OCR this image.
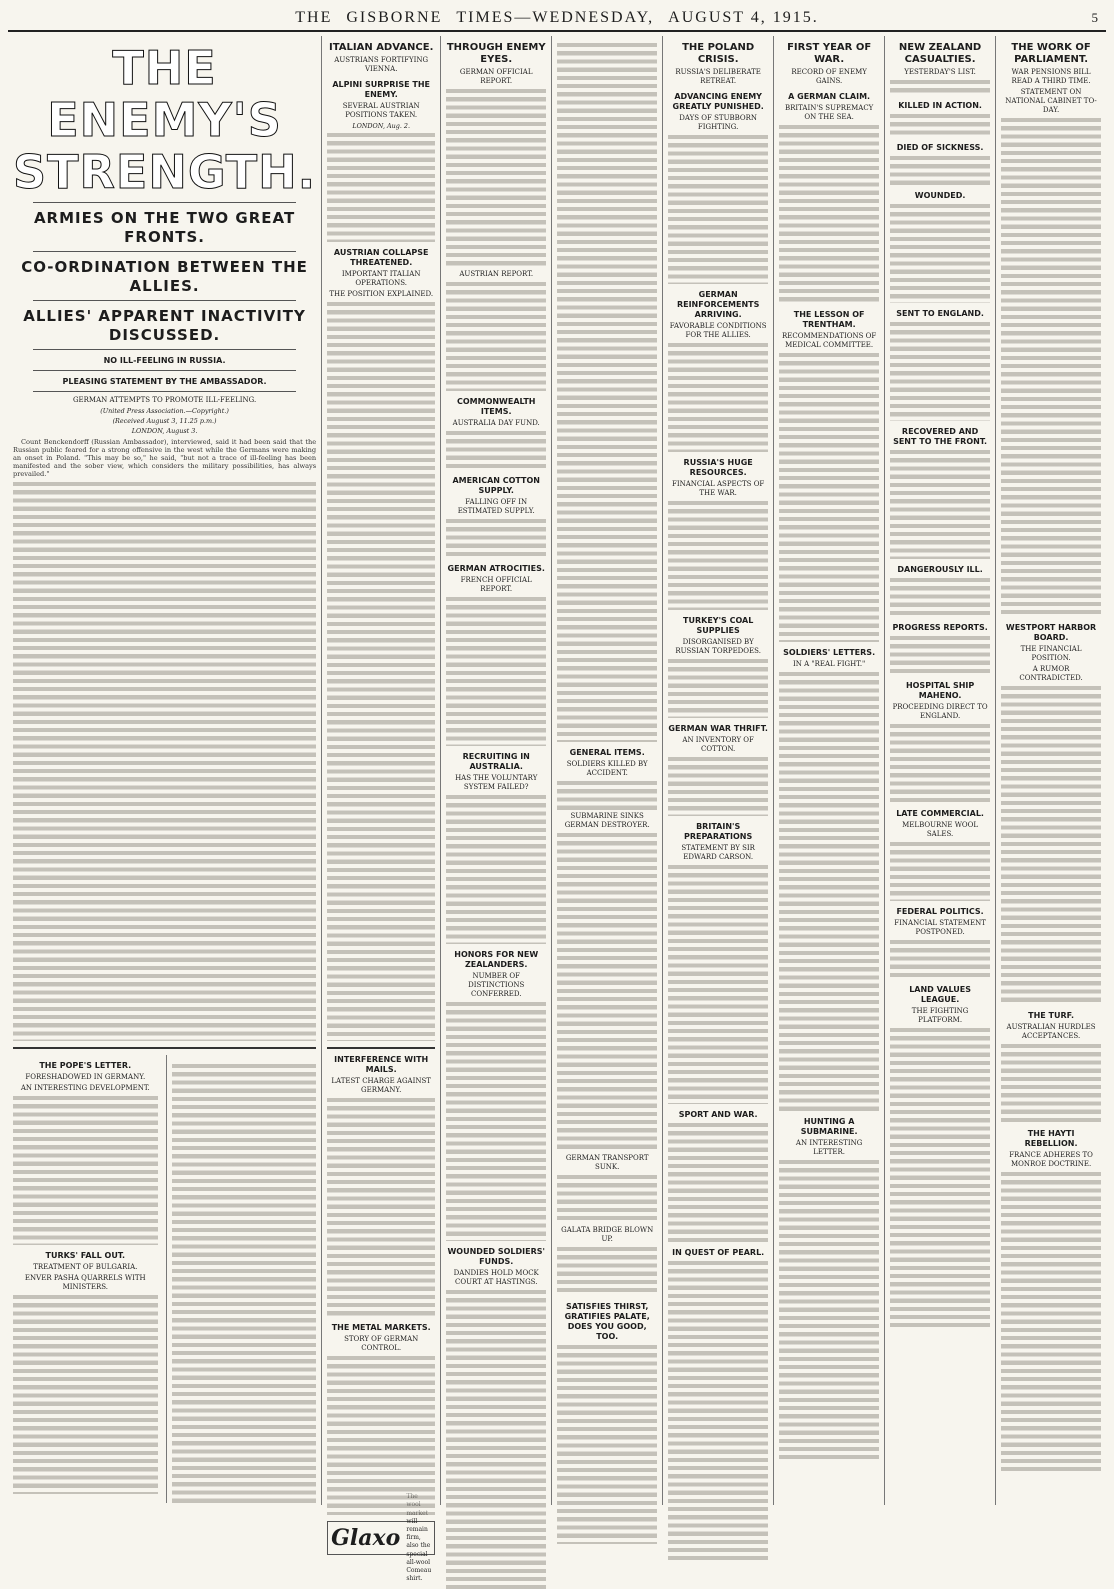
THE GISBORNE TIMES—WEDNESDAY, AUGUST 4, 1915.	5
THE ENEMY'S STRENGTH.
ARMIES ON THE TWO GREAT FRONTS.
CO-ORDINATION BETWEEN THE ALLIES.
ALLIES' APPARENT INACTIVITY DISCUSSED.
NO ILL-FEELING IN RUSSIA.
PLEASING STATEMENT BY THE AMBASSADOR.
GERMAN ATTEMPTS TO PROMOTE ILL-FEELING.
(United Press Association.—Copyright.)
(Received August 3, 11.25 p.m.)
LONDON, August 3.

Count Benckendorff (Russian Ambassador), interviewed, said it had been said that the Russian public feared for a strong offensive in the west while the Germans were making an onset in Poland. "This may be so," he said, "but not a trace of ill-feeling has been manifested and the sober view, which considers the military possibilities, has always prevailed."

THE POPE'S LETTER.
FORESHADOWED IN GERMANY.
AN INTERESTING DEVELOPMENT.
TURKS' FALL OUT.
TREATMENT OF BULGARIA.
ENVER PASHA QUARRELS WITH MINISTERS.
ITALIAN ADVANCE.
AUSTRIANS FORTIFYING VIENNA.
ALPINI SURPRISE THE ENEMY.
SEVERAL AUSTRIAN POSITIONS TAKEN.
LONDON, Aug. 2.
AUSTRIAN COLLAPSE THREATENED.
IMPORTANT ITALIAN OPERATIONS.
THE POSITION EXPLAINED.
INTERFERENCE WITH MAILS.
LATEST CHARGE AGAINST GERMANY.
THE METAL MARKETS.
STORY OF GERMAN CONTROL.
Glaxo
will remain firm, also the special all-wool Comeau shirt.
THROUGH ENEMY EYES.
GERMAN OFFICIAL REPORT.
AUSTRIAN REPORT.
COMMONWEALTH ITEMS.
AUSTRALIA DAY FUND.
AMERICAN COTTON SUPPLY.
FALLING OFF IN ESTIMATED SUPPLY.
GERMAN ATROCITIES.
FRENCH OFFICIAL REPORT.
RECRUITING IN AUSTRALIA.
HAS THE VOLUNTARY SYSTEM FAILED?
HONORS FOR NEW ZEALANDERS.
NUMBER OF DISTINCTIONS CONFERRED.
WOUNDED SOLDIERS' FUNDS.
DANDIES HOLD MOCK COURT AT HASTINGS.
GENERAL ITEMS.
SOLDIERS KILLED BY ACCIDENT.
SUBMARINE SINKS GERMAN DESTROYER.
GERMAN TRANSPORT SUNK.
GALATA BRIDGE BLOWN UP.
SATISFIES THIRST, GRATIFIES PALATE, DOES YOU GOOD, TOO.
THE POLAND CRISIS.
RUSSIA'S DELIBERATE RETREAT.
ADVANCING ENEMY GREATLY PUNISHED.
DAYS OF STUBBORN FIGHTING.
GERMAN REINFORCEMENTS ARRIVING.
FAVORABLE CONDITIONS FOR THE ALLIES.
RUSSIA'S HUGE RESOURCES.
FINANCIAL ASPECTS OF THE WAR.
TURKEY'S COAL SUPPLIES
DISORGANISED BY RUSSIAN TORPEDOES.
GERMAN WAR THRIFT.
AN INVENTORY OF COTTON.
BRITAIN'S PREPARATIONS
STATEMENT BY SIR EDWARD CARSON.
SPORT AND WAR.
IN QUEST OF PEARL.
FIRST YEAR OF WAR.
RECORD OF ENEMY GAINS.
A GERMAN CLAIM.
BRITAIN'S SUPREMACY ON THE SEA.
THE LESSON OF TRENTHAM.
RECOMMENDATIONS OF MEDICAL COMMITTEE.
SOLDIERS' LETTERS.
IN A "REAL FIGHT."
HUNTING A SUBMARINE.
AN INTERESTING LETTER.
NEW ZEALAND CASUALTIES.
YESTERDAY'S LIST.
KILLED IN ACTION.
DIED OF SICKNESS.
WOUNDED.
SENT TO ENGLAND.
RECOVERED AND SENT TO THE FRONT.
DANGEROUSLY ILL.
PROGRESS REPORTS.
HOSPITAL SHIP MAHENO.
PROCEEDING DIRECT TO ENGLAND.
LATE COMMERCIAL.
MELBOURNE WOOL SALES.
FEDERAL POLITICS.
FINANCIAL STATEMENT POSTPONED.
LAND VALUES LEAGUE.
THE FIGHTING PLATFORM.
THE WORK OF PARLIAMENT.
WAR PENSIONS BILL READ A THIRD TIME.
STATEMENT ON NATIONAL CABINET TO-DAY.
WESTPORT HARBOR BOARD.
THE FINANCIAL POSITION.
A RUMOR CONTRADICTED.
THE TURF.
AUSTRALIAN HURDLES ACCEPTANCES.
THE HAYTI REBELLION.
FRANCE ADHERES TO MONROE DOCTRINE.
